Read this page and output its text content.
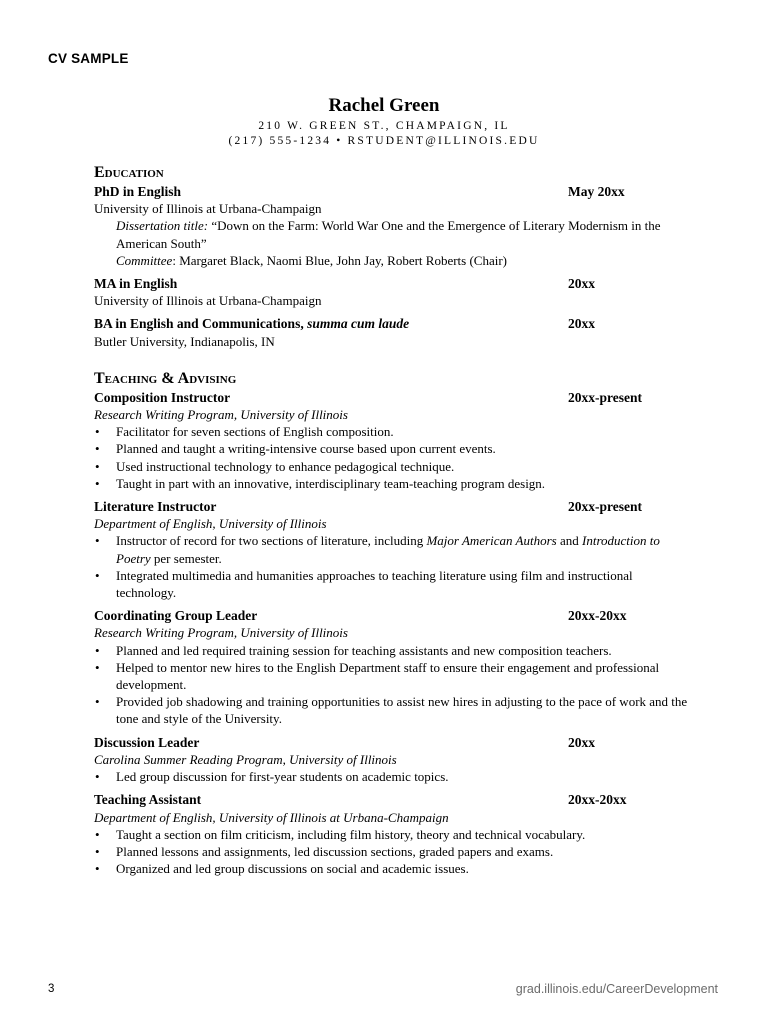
CV SAMPLE
Rachel Green
210 W. GREEN ST., CHAMPAIGN, IL
(217) 555-1234 • RSTUDENT@ILLINOIS.EDU
Education
PhD in English	May 20xx
University of Illinois at Urbana-Champaign
Dissertation title: “Down on the Farm: World War One and the Emergence of Literary Modernism in the American South”
Committee: Margaret Black, Naomi Blue, John Jay, Robert Roberts (Chair)
MA in English	20xx
University of Illinois at Urbana-Champaign
BA in English and Communications, summa cum laude	20xx
Butler University, Indianapolis, IN
Teaching & Advising
Composition Instructor	20xx-present
Research Writing Program, University of Illinois
• Facilitator for seven sections of English composition.
• Planned and taught a writing-intensive course based upon current events.
• Used instructional technology to enhance pedagogical technique.
• Taught in part with an innovative, interdisciplinary team-teaching program design.
Literature Instructor	20xx-present
Department of English, University of Illinois
• Instructor of record for two sections of literature, including Major American Authors and Introduction to Poetry per semester.
• Integrated multimedia and humanities approaches to teaching literature using film and instructional technology.
Coordinating Group Leader	20xx-20xx
Research Writing Program, University of Illinois
• Planned and led required training session for teaching assistants and new composition teachers.
• Helped to mentor new hires to the English Department staff to ensure their engagement and professional development.
• Provided job shadowing and training opportunities to assist new hires in adjusting to the pace of work and the tone and style of the University.
Discussion Leader	20xx
Carolina Summer Reading Program, University of Illinois
• Led group discussion for first-year students on academic topics.
Teaching Assistant	20xx-20xx
Department of English, University of Illinois at Urbana-Champaign
• Taught a section on film criticism, including film history, theory and technical vocabulary.
• Planned lessons and assignments, led discussion sections, graded papers and exams.
• Organized and led group discussions on social and academic issues.
3	grad.illinois.edu/CareerDevelopment
